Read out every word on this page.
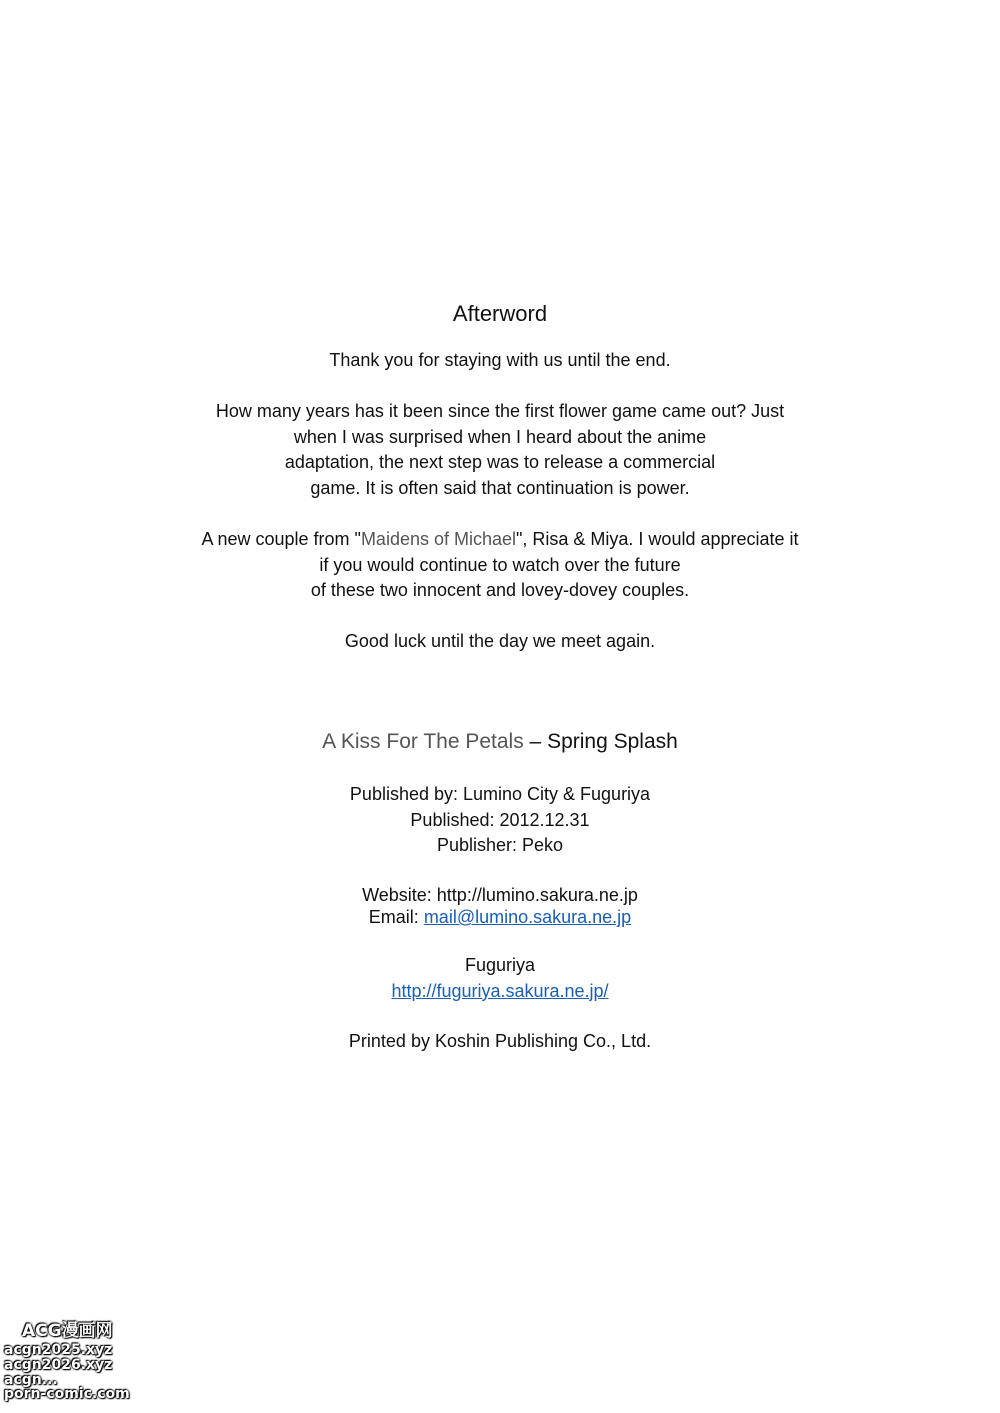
Afterword

Thank you for staying with us until the end.

How many years has it been since the first flower game came out? Just

when I was surprised when I heard about the anime

adaptation, the next step was to release a commercial

game. It is often said that continuation is power.

A new couple from "Maidens of Michael", Risa & Miya. I would appreciate it

if you would continue to watch over the future

of these two innocent and lovey-dovey couples.

Good luck until the day we meet again.

A Kiss For The Petals – Spring Splash

Published by: Lumino City & Fuguriya

Published: 2012.12.31

Publisher: Peko

Website: http://lumino.sakura.ne.jp

Email: mail@lumino.sakura.ne.jp

Fuguriya

http://fuguriya.sakura.ne.jp/

Printed by Koshin Publishing Co., Ltd.

ACG漫画网
acgn2025.xyz
acgn2026.xyz
acgn...
porn-comic.com
